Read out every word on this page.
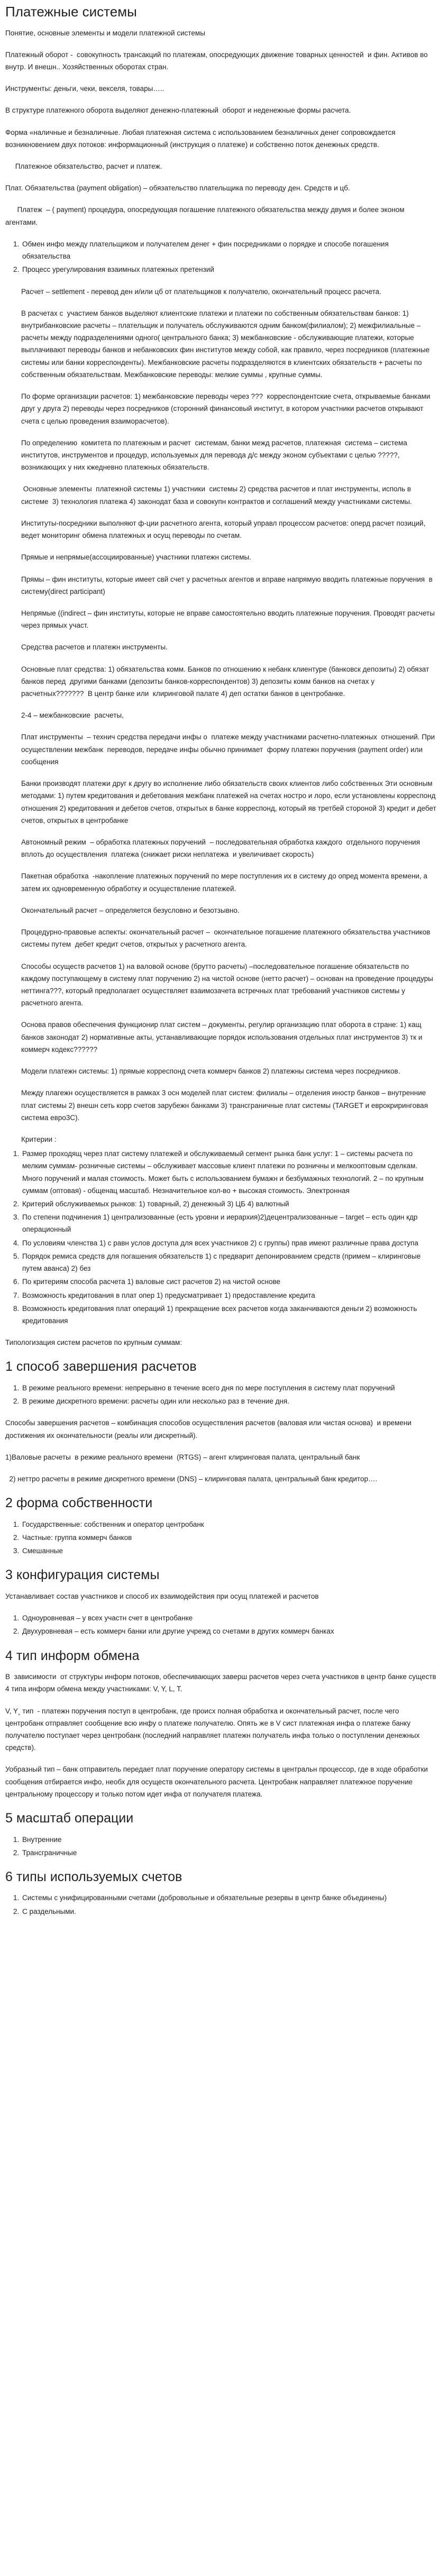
Платежные системы

Понятие, основные элементы и модели платежной системы

Платежный оборот -  совокупность трансакций по платежам, опосредующих движение товарных ценностей  и фин. Активов во внутр. И внешн.. Хозяйственных оборотах стран.

Инструменты: деньги, чеки, векселя, товары…..

В структуре платежного оборота выделяют денежно-платежный  оборот и неденежные формы расчета.

Форма «наличные и безналичные. Любая платежная система с использованием безналичных денег сопровождается возникновением двух потоков: информационный (инструкция о платеже) и собственно поток денежных средств.

Платежное обязательство, расчет и платеж.

Плат. Обязательства (payment obligation) – обязательство плательщика по переводу ден. Средств и цб.

Платеж  – ( payment) процедура, опосредующая погашение платежного обязательства между двумя и более эконом агентами.

1. Обмен инфо между плательщиком и получателем денег + фин посредниками о порядке и способе погашения обязательства
2. Процесс урегулирования взаимных платежных претензий

Расчет – settlement - перевод ден и/или цб от плательщиков к получателю, окончательный процесс расчета.

В расчетах с  участием банков выделяют клиентские платежи и платежи по собственным обязательствам банков: 1) внутрибанковские расчеты – плательщик и получатель обслуживаются одним банком(филиалом); 2) межфилиальные – расчеты между подразделениями одного( центрального банка; 3) межбанковские - обслуживающие платежи, которые выплачивают переводы банков и небанковских фин институтов между собой, как правило, через посредников (платежные системы или банки корреспонденты). Межбанковские расчеты подразделяются в клиентских обязательств + расчеты по собственным обязательствам. Межбанковские переводы: мелкие суммы , крупные суммы.

По форме организации расчетов: 1) межбанковские переводы через ???  корреспондентские счета, открываемые банками друг у друга 2) переводы через посредников (сторонний финансовый институт, в котором участники расчетов открывают счета с целью проведения взаиморасчетов).

По определению  комитета по платежным и расчет  системам, банки межд расчетов, платежная  система – система институтов, инструментов и процедур, используемых для перевода д/с между эконом субъектами с целью ?????, возникающих у них кжедневно платежных обязательств.

Основные элементы  платежной системы 1) участники  системы 2) средства расчетов и плат инструменты, исполь в  системе  3) технология платежа 4) законодат база и совокупн контрактов и соглашений между участниками системы.

Институты-посредники выполняют ф-ции расчетного агента, который управл процессом расчетов: оперд расчет позиций, ведет мониторинг обмена платежных и осущ переводы по счетам.

Прямые и непрямые(ассоциированные) участники платежн системы.

Прямы – фин институты, которые имеет свй счет у расчетных агентов и вправе напрямую вводить платежные поручения  в систему(direct participant)

Непрямые ((indirect – фин институты, которые не вправе самостоятельно вводить платежные поручения. Проводят расчеты через прямых участ.

Средства расчетов и платежн инструменты.

Основные плат средства: 1) обязательства комм. Банков по отношению к небанк клиентуре (банковск депозиты) 2) обязат банков перед  другими банками (депозиты банков-корреспондентов) 3) депозиты комм банков на счетах у  расчетных???????  В центр банке или  клиринговой палате 4) деп остатки банков в центробанке.

2-4 – межбанковские  расчеты,

Плат инструменты  – технич средства передачи инфы о  платеже между участниками расчетно-платежных  отношений. При осуществлении межбанк  переводов, передаче инфы обычно принимает  форму платежн поручения (payment order) или сообщения

Банки производят платежи друг к другу во исполнение либо обязательств своих клиентов либо собственных Эти основным методами: 1) путем кредитования и дебетования межбанк платежей на счетах ностро и лоро, если установлены корреспонд отношения 2) кредитования и дебетов счетов, открытых в банке корреспонд, который яв третбей стороной 3) кредит и дебет счетов, открытых в центробанке

Автономный режим  – обработка платежных поручений  – последовательная обработка каждого  отдельного поручения вплоть до осуществления  платежа (снижает риски неплатежа  и увеличивает скорость)

Пакетная обработка  -накопление платежных поручений по мере поступления их в систему до опред момента времени, а затем их одновременную обработку и осуществление платежей.

Окончательный расчет – определяется безусловно и безотзывно.

Процедурно-правовые аспекты: окончательный расчет –  окончательное погашение платежного обязательства участников системы путем  дебет кредит счетов, открытых у расчетного агента.

Способы осуществ расчетов 1) на валовой основе (брутто расчеты) –последовательное погашение обязательств по каждому поступающему в систему плат поручению 2) на чистой основе (нетто расчет) – основан на проведение процедуры неттинга???, который предполагает осуществляет взаимозачета встречных плат требований участников системы у расчетного агента.

Основа правов обеспечения функционир плат систем – документы, регулир организацию плат оборота в стране: 1) кащ банков законодат 2) нормативные акты, устанавливающие порядок использования отдельных плат инструментов 3) тк и коммерч кодекс??????

Модели платежн системы: 1) прямые корреспонд счета коммерч банков 2) платежны система через посредников.

Между плагежн осуществляется в рамках 3 осн моделей плат систем: филиалы – отделения иностр банков – внутренние плат системы 2) внешн сеть корр счетов зарубежн банками 3) трансграничные плат системы (TARGET и еврокриринговая система евро3С).

Критерии :

1. Размер проходящ через плат систему платежей и обслуживаемый сегмент рынка банк услуг: 1 – системы расчета по мелким суммам- розничные системы – обслуживает массовые клиент платежи по розничны и мелкооптовым сделкам. Много поручений и малая стоимость. Может быть с использованием бумажн и безбумажных технологий. 2 – по крупным суммам (оптовая) - общенац масштаб. Незначительное кол-во + высокая стоимость. Электронная
2. Критерий обслуживаемых рынков: 1) товарный, 2) денежный 3) ЦБ 4) валютный
3. По степени подчинения 1) централизованные (есть уровни и иерархия)2)децентрализованные – target – есть один кдр операционный
4. По условиям членства 1) с равн услов доступа для всех участников 2) с группы) прав имеют различные права доступа
5. Порядок ремиса средств для погашения обязательств 1) с предварит депонированием средств (примем – клиринговые путем аванса) 2) без
6. По критериям способа расчета 1) валовые сист расчетов 2) на чистой основе
7. Возможность кредитования в плат опер 1) предусматривает 1) предоставление кредита
8. Возможность кредитования плат операций 1) прекращение всех расчетов когда заканчиваются деньги 2) возможность кредитования

Типологизация систем расчетов по крупным суммам:

1 способ завершения расчетов
1. В режиме реального времени: непрерывно в течение всего дня по мере поступления в систему плат поручений
2. В режиме дискретного времени: расчеты один или несколько раз в течение дня.

Способы завершения расчетов – комбинация способов осуществления расчетов (валовая или чистая основа)  и времени достижения их окончательности (реалы или дискретный).

1)Валовые расчеты  в режиме реального времени  (RTGS) – агент клиринговая палата, центральный банк

2) неттро расчеты в режиме дискретного времени (DNS) – клиринговая палата, центральный банк кредитор….

2 форма собственности
1. Государственные: собственник и оператор центробанк
2. Частные: группа коммерч банков
3. Смешанные
3 конфигурация системы

Устанавливает состав участников и способ их взаимодействия при осущ платежей и расчетов

1. Одноуровневая – у всех участн счет в центробанке
2. Двухуровневая – есть коммерч банки или другие учрежд со счетами в других коммерч банках
4 тип информ обмена

В  зависимости  от структуры информ потоков, обеспечивающих заверш расчетов через счета участников в центр банке существ 4 типа информ обмена между участниками: V, Y, L, T.

V, Y¸ тип  - платежн поручения поступ в центробанк, где происх полная обработка и окончательный расчет, после чего центробанк отправляет сообщение всю инфу о платеже получателю. Опять же в V сист платежная инфа о платеже банку получателю поступает через центробанк (последний направляет платежн получатель инфа только о поступлении денежных средств).

Уобразный тип – банк отправитель передает плат поручение оператору системы в центральн процессор, где в ходе обработки сообщения отбирается инфо, необх для осуществ окончательного расчета. Центробанк направляет платежное поручение центральному процессору и только потом идет инфа от получателя платежа.

5 масштаб операции
1. Внутренние
2. Трансграничные
6 типы используемых счетов
1. Системы с унифицированными счетами (добровольные и обязательные резервы в центр банке объединены)
2. С раздельными.
